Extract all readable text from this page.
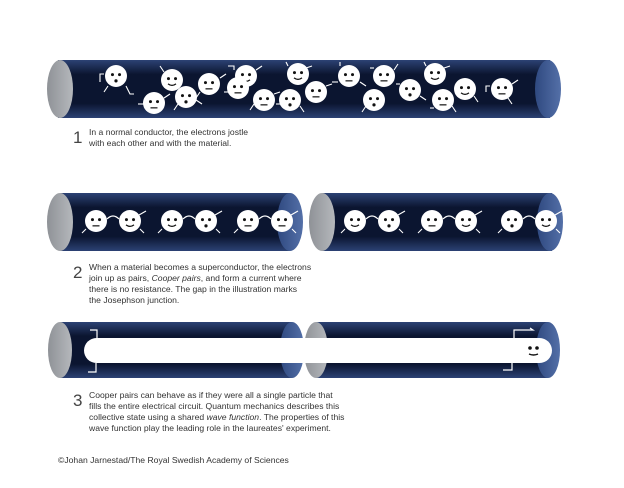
1 In a normal conductor, the electrons jostle
with each other and with the material.
2 When a material becomes a superconductor, the electrons
join up as pairs, Cooper pairs, and form a current where
there is no resistance. The gap in the illustration marks
the Josephson junction.
3 Cooper pairs can behave as if they were all a single particle that
fills the entire electrical circuit. Quantum mechanics describes this
collective state using a shared wave function. The properties of this
wave function play the leading role in the laureates' experiment.
©Johan Jarnestad/The Royal Swedish Academy of Sciences
